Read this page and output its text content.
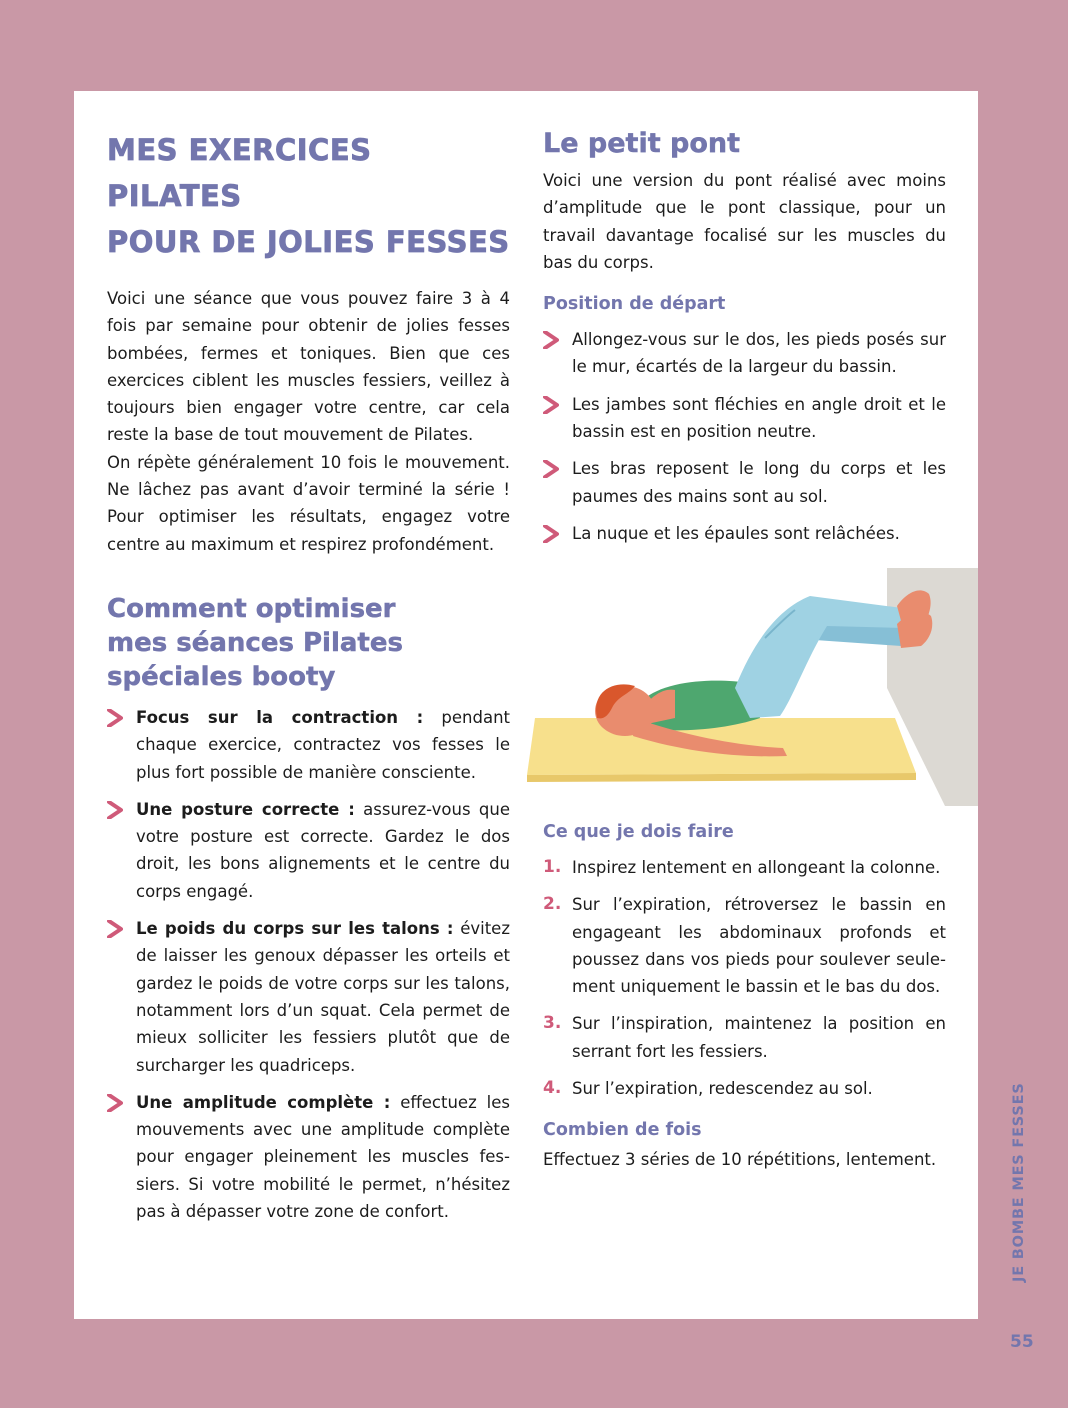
MES EXERCICES PILATES
POUR DE JOLIES FESSES

Voici une séance que vous pouvez faire 3 à 4 fois par semaine pour obtenir de jolies fesses bombées, fermes et toniques. Bien que ces exercices ciblent les muscles fessiers, veillez à toujours bien engager votre centre, car cela reste la base de tout mouvement de Pilates.

On répète généralement 10 fois le mouvement. Ne lâchez pas avant d’avoir terminé la série ! Pour optimiser les résultats, engagez votre centre au maximum et respirez profondément.

Comment optimiser
mes séances Pilates
spéciales booty
Focus sur la contraction : pendant chaque exercice, contractez vos fesses le plus fort possible de manière consciente.
Une posture correcte : assurez-vous que votre posture est correcte. Gardez le dos droit, les bons alignements et le centre du corps engagé.
Le poids du corps sur les talons : évitez de laisser les genoux dépasser les orteils et gardez le poids de votre corps sur les talons, notamment lors d’un squat. Cela permet de mieux solliciter les fessiers plutôt que de surcharger les quadriceps.
Une amplitude complète : effectuez les mouvements avec une amplitude complète pour engager pleinement les muscles fessiers. Si votre mobilité le permet, n’hésitez pas à dépasser votre zone de confort.
Le petit pont

Voici une version du pont réalisé avec moins d’amplitude que le pont classique, pour un travail davantage focalisé sur les muscles du bas du corps.

Position de départ
Allongez-vous sur le dos, les pieds posés sur le mur, écartés de la largeur du bassin.
Les jambes sont fléchies en angle droit et le bassin est en position neutre.
Les bras reposent le long du corps et les paumes des mains sont au sol.
La nuque et les épaules sont relâchées.
Ce que je dois faire
1. Inspirez lentement en allongeant la colonne.
2. Sur l’expiration, rétroversez le bassin en engageant les abdominaux profonds et poussez dans vos pieds pour soulever seulement uniquement le bassin et le bas du dos.
3. Sur l’inspiration, maintenez la position en serrant fort les fessiers.
4. Sur l’expiration, redescendez au sol.
Combien de fois

Effectuez 3 séries de 10 répétitions, lentement.	JE BOMBE MES FESSES
55
